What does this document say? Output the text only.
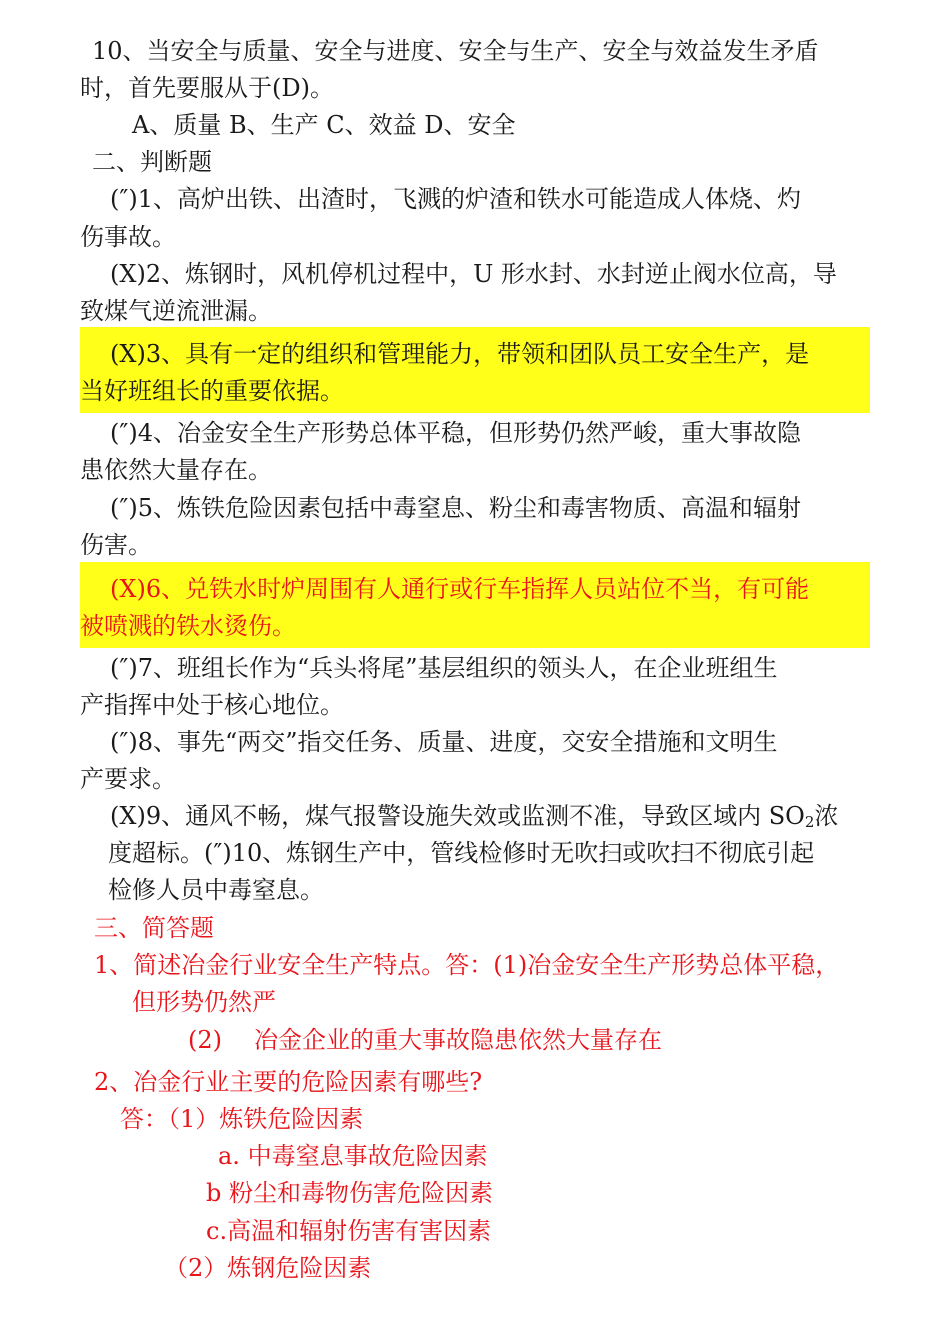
10、当安全与质量、安全与进度、安全与生产、安全与效益发生矛盾
时，首先要服从于(D)。
A、质量 B、生产 C、效益 D、安全
二、判断题
(″)1、高炉出铁、出渣时，飞溅的炉渣和铁水可能造成人体烧、灼
伤事故。
(X)2、炼钢时，风机停机过程中，U 形水封、水封逆止阀水位高，导
致煤气逆流泄漏。
(X)3、具有一定的组织和管理能力，带领和团队员工安全生产，是
当好班组长的重要依据。
(″)4、冶金安全生产形势总体平稳，但形势仍然严峻，重大事故隐
患依然大量存在。
(″)5、炼铁危险因素包括中毒窒息、粉尘和毒害物质、高温和辐射
伤害。
(X)6、兑铁水时炉周围有人通行或行车指挥人员站位不当，有可能
被喷溅的铁水烫伤。
(″)7、班组长作为“兵头将尾”基层组织的领头人，在企业班组生
产指挥中处于核心地位。
(″)8、事先“两交”指交任务、质量、进度，交安全措施和文明生
产要求。
(X)9、通风不畅，煤气报警设施失效或监测不准，导致区域内 $SO_2$浓
度超标。(″)10、炼钢生产中，管线检修时无吹扫或吹扫不彻底引起
检修人员中毒窒息。
三、简答题
1、简述冶金行业安全生产特点。答：(1)冶金安全生产形势总体平稳，
但形势仍然严
(2) 冶金企业的重大事故隐患依然大量存在
2、冶金行业主要的危险因素有哪些?
答：（1）炼铁危险因素
a. 中毒窒息事故危险因素
b 粉尘和毒物伤害危险因素
c.高温和辐射伤害有害因素
（2）炼钢危险因素
